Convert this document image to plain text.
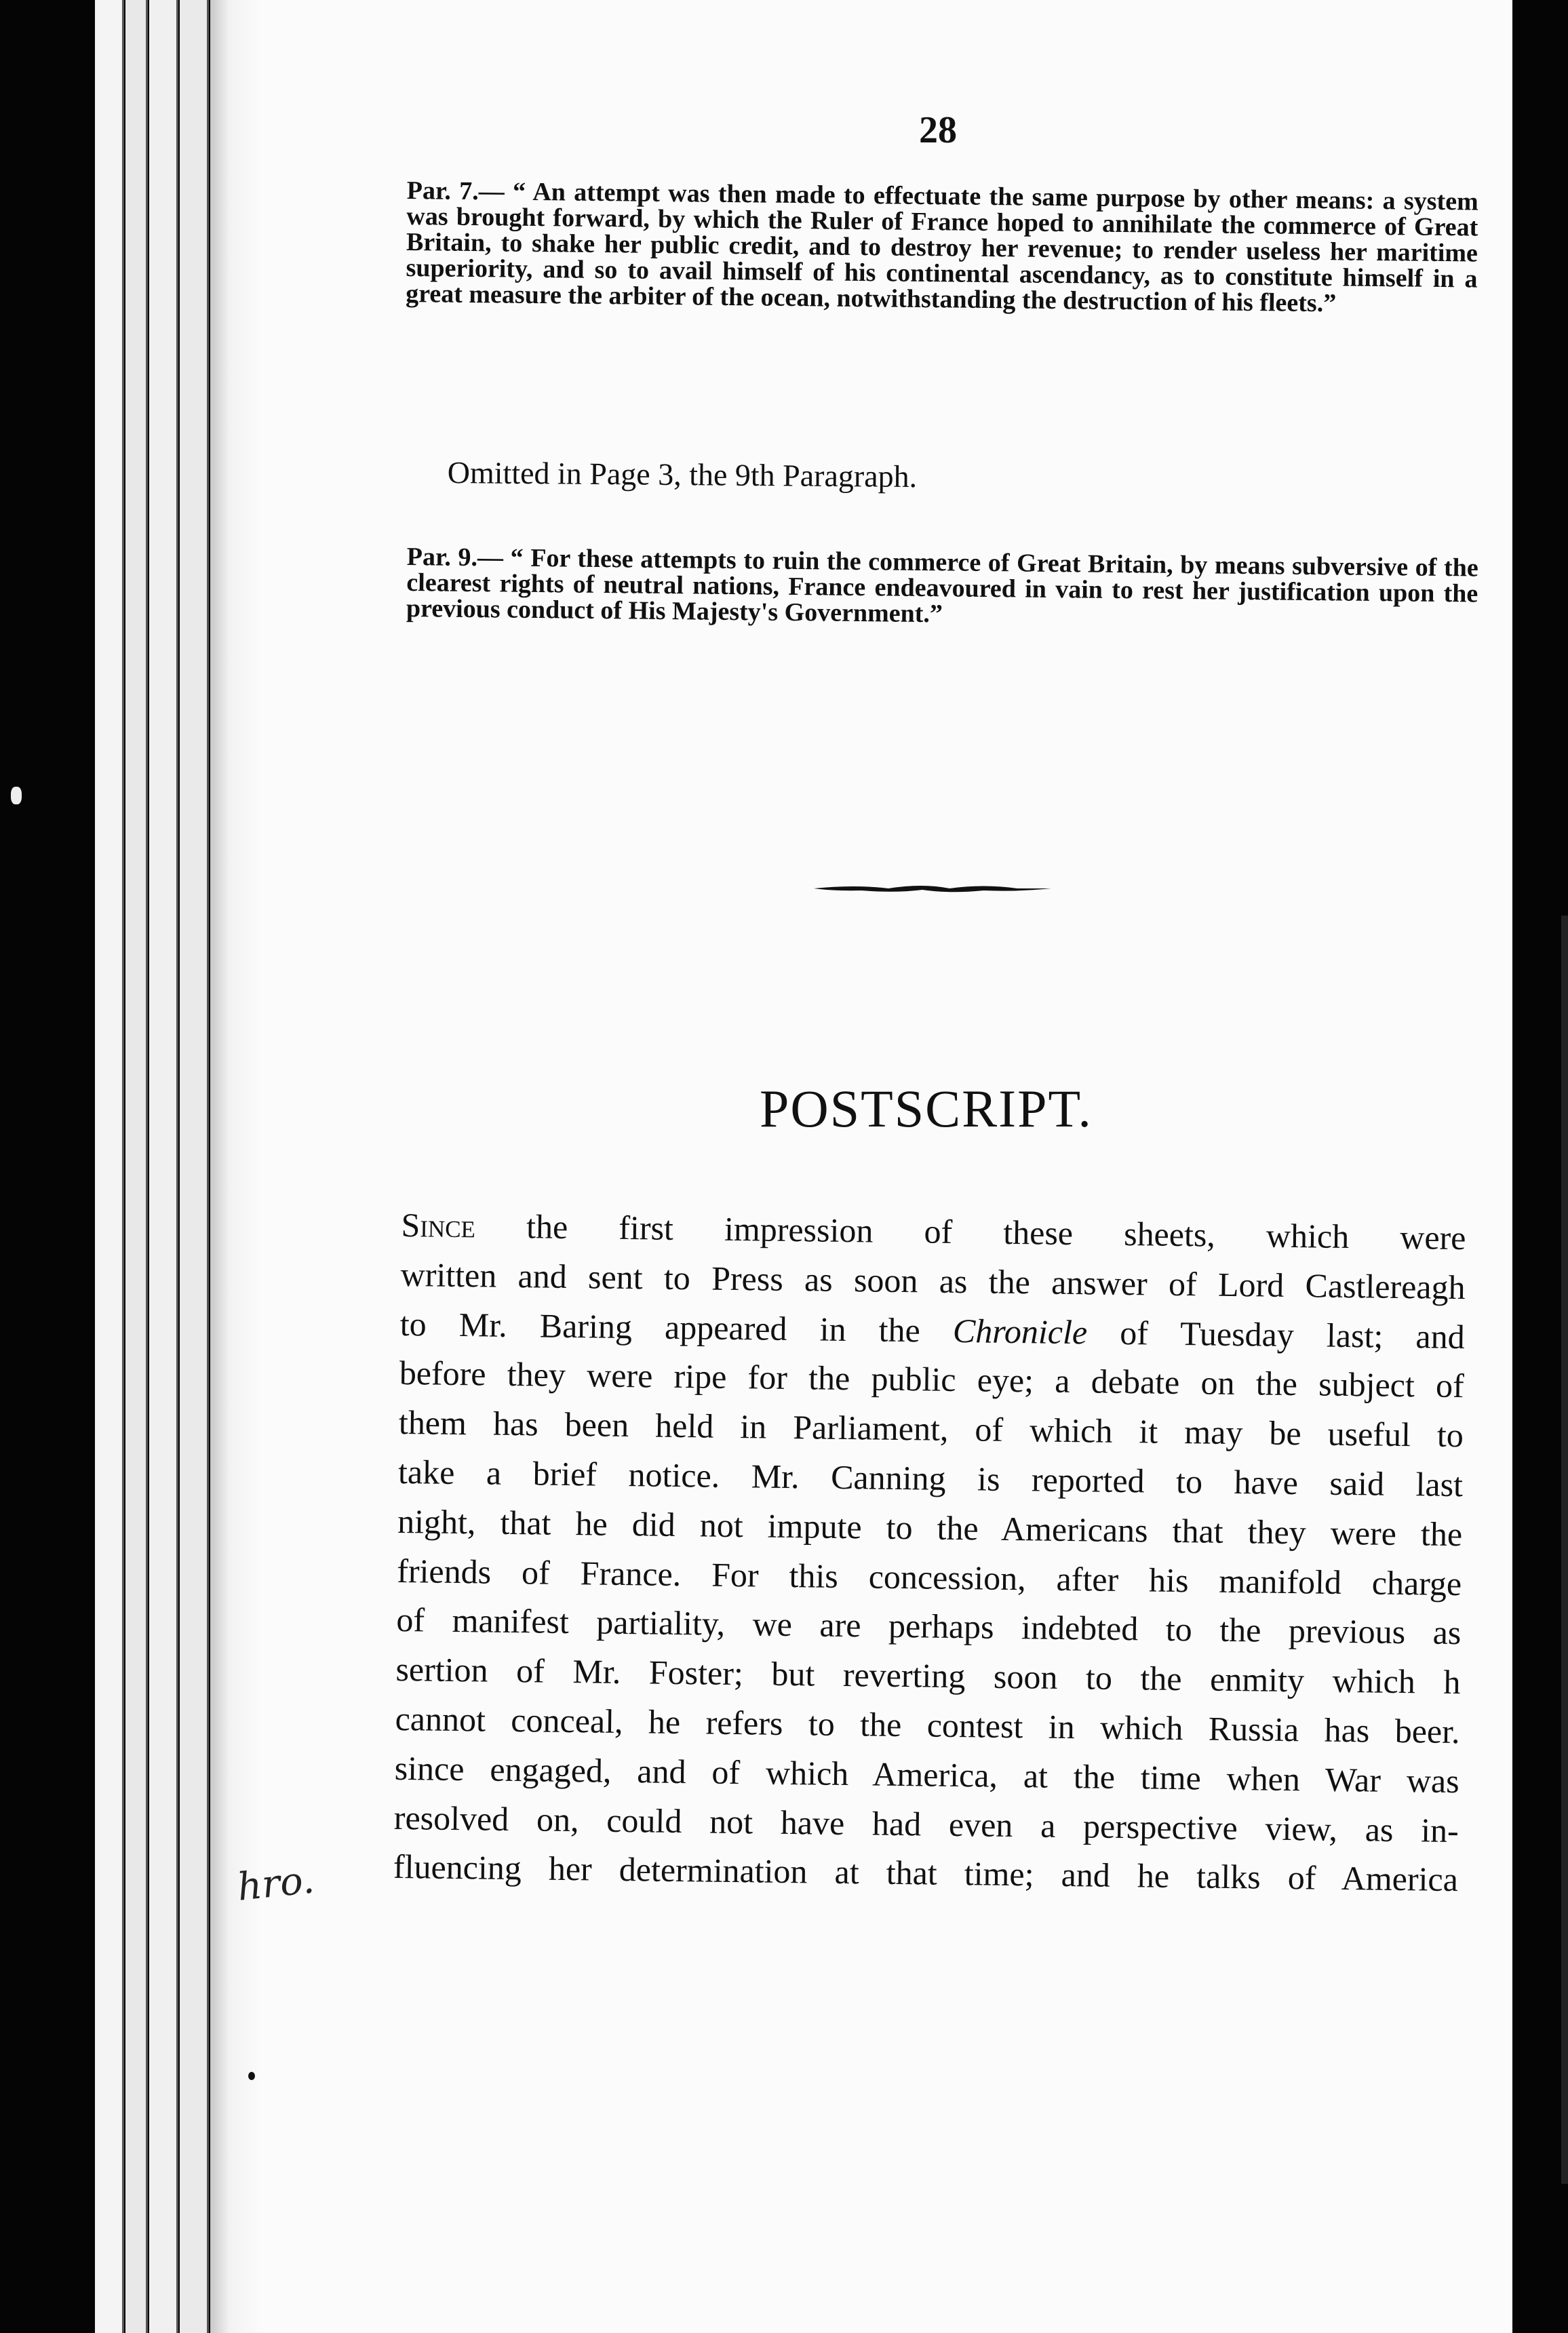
28
Par. 7.— “ An attempt was then made to effectuate the same purpose by other means: a system was brought forward, by which the Ruler of France hoped to annihilate the commerce of Great Britain, to shake her public credit, and to destroy her revenue; to render useless her maritime superiority, and so to avail himself of his continental ascendancy, as to constitute himself in a great measure the arbiter of the ocean, notwithstanding the destruction of his fleets.”
Omitted in Page 3, the 9th Paragraph.
Par. 9.— “ For these attempts to ruin the commerce of Great Britain, by means subversive of the clearest rights of neutral nations, France endeavoured in vain to rest her justification upon the previous conduct of His Majesty's Government.”
POSTSCRIPT.
Since the first impression of these sheets, which were
written and sent to Press as soon as the answer of Lord Castlereagh
to Mr. Baring appeared in the Chronicle of Tuesday last; and
before they were ripe for the public eye; a debate on the subject of
them has been held in Parliament, of which it may be useful to
take a brief notice. Mr. Canning is reported to have said last
night, that he did not impute to the Americans that they were the
friends of France. For this concession, after his manifold charge
of manifest partiality, we are perhaps indebted to the previous as
sertion of Mr. Foster; but reverting soon to the enmity which h
cannot conceal, he refers to the contest in which Russia has beer.
since engaged, and of which America, at the time when War was
resolved on, could not have had even a perspective view, as in-
fluencing her determination at that time; and he talks of America
hro.
